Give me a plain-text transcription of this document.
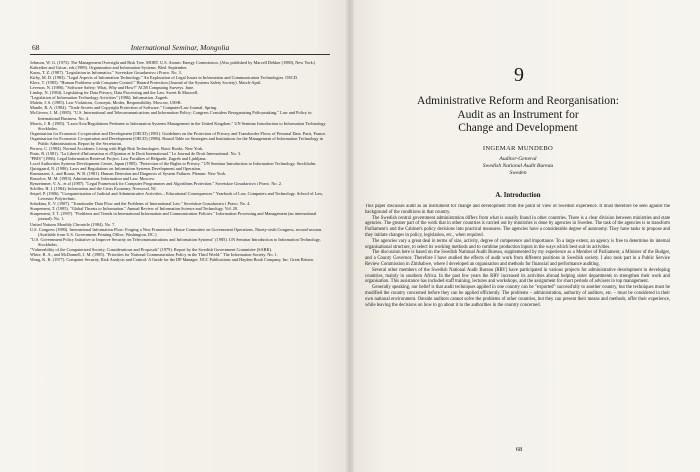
68	International Seminar, Mongolia
Johnson, W. G. (1973). The Management Oversight and Risk Tree. MORT. U.S. Atomic Energy Commission. (Also published by Marcell Dekker (1980), New York.)
Kaltreiker and Gricar, eds (1989). Organization and Information Systems. Bled. September.
Karas, T. Z. (1987). "Legislation in Informatics." Sovetskoe Gosudarstvo i Pravo. No. 3.
Kirby, M. D. (1983). "Legal Aspects of Information Technology." An Exploration of Legal Issues in Information and Communication Technologies. OECD.
Klerz, T. (1985). "Human Problems with Computer Control." Hazard Protection (Journal of the Systems Safety Society). March-April.
Leveson, N. (1986). "Software Safety: What, Why and How?" ACM Computing Surveys. June.
Lindop, N. (1984). Legislating for Data Privacy, Data Processing and the Law. Sweet & Maxwell.
"Legislation of Information Technology Activities" (1986). Information. Zagreb.
Malein, I. S. (1985). Law Violations, Concepts, Modes, Responsibility. Moscow, USSR.
Mantle, R. A. (1984). "Trade Secrets and Copyright Protection of Software." Computer/Law Journal. Spring.
McGivern, J. M. (1985). "U.S. International and Telecommunications and Information Policy: Congress Considers Reorganizing Policymaking." Law and Policy in International Business. No. 4.
Morris, J. R. (1985). "Laws/Acts/Regulations Pertinent to Information Systems Management in the United Kingdom." UN Seminar Introduction to Information Technology. Stockholm.
Organisation for Economic Co-operation and Development (OECD) (1981). Guidelines on the Protection of Privacy and Transborder Flows of Personal Data. Paris, France.
Organisation for Economic Co-operation and Development (OECD) (1986). Round Table on Strategies and Institutions for the Management of Information Technology in Public Administration. Report by the Secretariat.
Perrow, C. (1984). Normal Accidents: Living with High Risk Technologies. Basic Books. New York.
Pinto, R. (1981). "La Liberté d'Information et d'Opinion et le Droit International." Le Journal de Droit International. No. 3.
"PRIS" (1986). Legal Information Retrieval Project. Law Faculties of Belgrade, Zagreb and Ljubljana.
Local Authorities Systems Development Centre, Japan (1985). "Protection of the Rights to Privacy." UN Seminar Introduction to Information Technology. Stockholm.
Quistgaard, N. (1986). Laws and Regulations on Information Systems Development and Operation.
Rasmussen, J., and Rouse, W. B. (1981). Human Detection and Diagnosis of System Failures. Plenum. New York.
Rassolov, M. M. (1983). Administration, Information and Law. Moscow.
Rynzeinmer, V. A., et al (1987). "Legal Framework for Computer Programmes and Algorithms Protection." Sovetskoe Gosudarstvo i Pravo. No. 2.
Schiller, H. I. (1984). Information and the Crisis Economy. Norwood, NJ.
Seipel, P. (1986). "Computerization of Judicial and Administrative Activities – Educational Consequences." Yearbook of Law, Computers and Technology. School of Law, Leicester Polytechnic.
Sobakina, E. V. (1987). "Transborder Data Flow and the Problems of International Law." Sovetskoe Gosudarstvo i Pravo. No. 4.
Sturpement, T. (1985). "Global Threats to Information." Annual Review of Information Science and Technology. Vol. 20.
Sturpement, T. T. (1987). "Problems and Trends in International Information and Communication Policies." Information Processing and Management (an international journal). No. 1.
United Nations Monthly Chronicle (1984). No. 7.
U.S. Congress (1980). International Information Flow: Forging a New Framework. House Committee on Government Operations. Ninety-sixth Congress, second session. (Available from U.S. Government Printing Office, Washington, DC.)
"U.S. Government Policy Initiative to Improve Security on Telecommunications and Information Systems" (1985). UN Seminar Introduction to Information Technology. Stockholm.
"Vulnerability of the Computerized Society, Considerations and Proposals" (1979). Report by the Swedish Government Committee (SARK).
White, R. A., and McDonnell, J. M. (1985). "Priorities for National Communication Policy in the Third World." The Information Society. No. 1.
Wong, K. K. (1977). Computer Security, Risk Analysis and Control: A Guide for the DP Manager. NCC Publications and Hayden Book Company, Inc. Great Britain.
9
Administrative Reform and Reorganisation:
Audit as an Instrument for
Change and Development
INGEMAR MUNDEBO
Auditor-General
Swedish National Audit Bureau
Sweden
A. Introduction

This paper discusses audit as an instrument for change and development from the point of view of Swedish experience. It must therefore be seen against the background of the conditions in that country.

The Swedish central government administration differs from what is usually found in other countries. There is a clear division between ministries and state agencies. The greater part of the work that in other countries is carried out by ministries is done by agencies in Sweden. The task of the agencies is to transform Parliament's and the Cabinet's policy decisions into practical measures. The agencies have a considerable degree of autonomy. They have tasks to propose and they initiate changes in policy, legislation, etc., when required.

The agencies vary a great deal in terms of size, activity, degree of competence and importance. To a large extent, an agency is free to determine its internal organisational structure, to select its working methods and to combine production inputs in the ways which best suit its activities.

The discussion here is based on the Swedish National Audit Bureau, supplemented by my experience as a Member of Parliament, a Minister of the Budget, and a County Governor. Therefore I have studied the effects of audit work from different positions in Swedish society. I also took part in a Public Service Review Commission in Zimbabwe, where I developed an organisation and methods for financial and performance auditing.

Several other members of the Swedish National Audit Bureau (RRV) have participated in various projects for administrative development in developing countries, mainly in southern Africa. In the past few years the RRV increased its activities abroad helping sister departments to strengthen their work and organisation. This assistance has included staff training, lectures and workshops, and the assignment for short periods of advisers to top management.

Generally speaking, our belief is that audit techniques applied in one country can be "exported" successfully to another country, but the techniques must be modified the country concerned before they can be applied efficiently. The problems – administration, authority of auditors, etc. – must be considered in their own national environment. Outside auditors cannot solve the problems of other countries, but they can present their means and methods, offer their experience, while leaving the decisions on how to go about it to the authorities in the country concerned.

68
